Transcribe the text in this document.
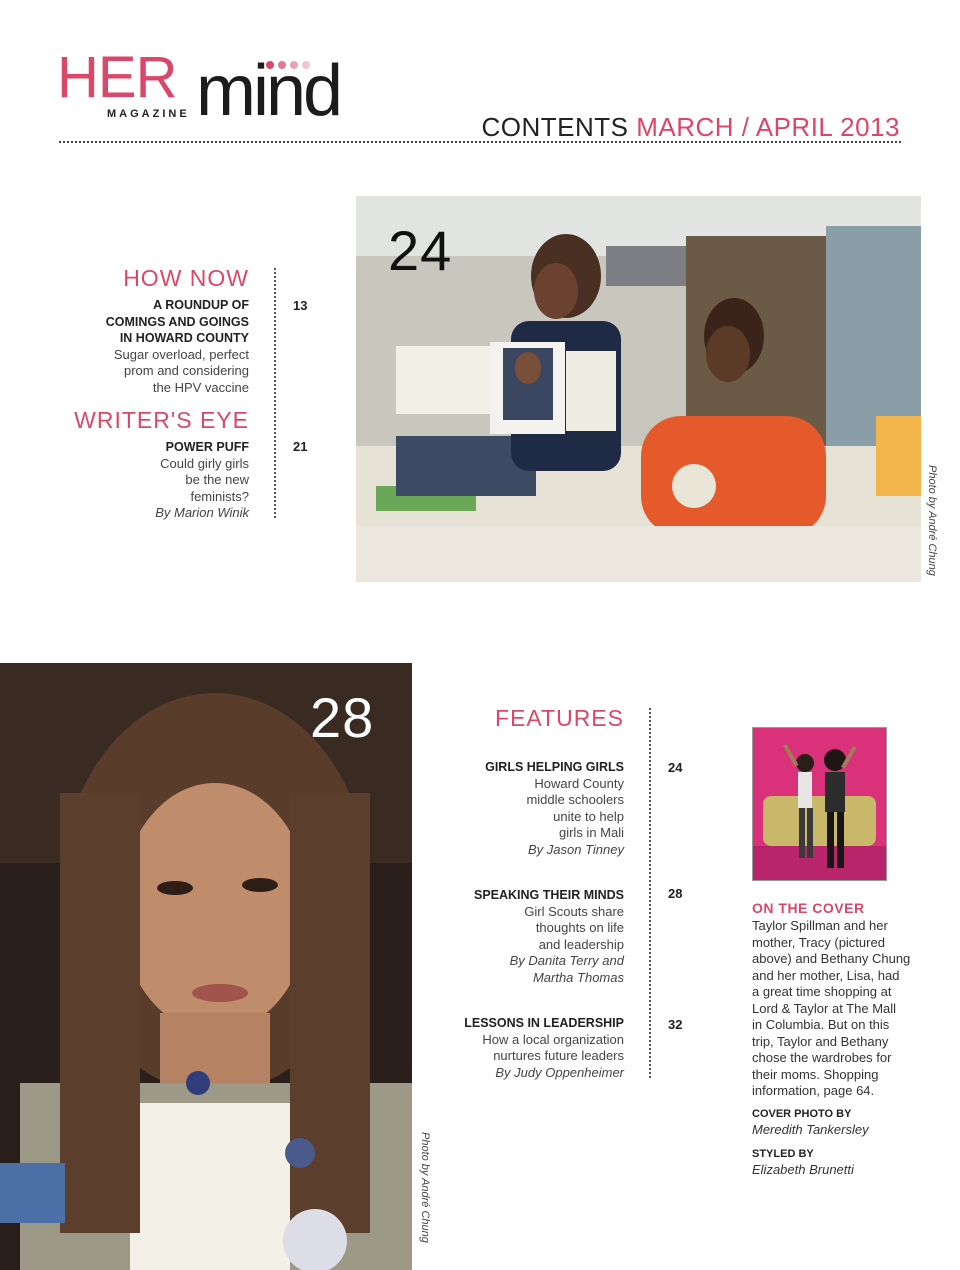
HER mind
MAGAZINE	CONTENTS MARCH / APRIL 2013
HOW NOW
A ROUNDUP OF
COMINGS AND GOINGS
IN HOWARD COUNTY
Sugar overload, perfect
prom and considering
the HPV vaccine
13
WRITER'S EYE
POWER PUFF
Could girly girls
be the new
feminists?
By Marion Winik
21
24
Photo by André Chung
28
Photo by André Chung
FEATURES
GIRLS HELPING GIRLS
Howard County
middle schoolers
unite to help
girls in Mali
By Jason Tinney
24
SPEAKING THEIR MINDS
Girl Scouts share
thoughts on life
and leadership
By Danita Terry and
Martha Thomas
28
LESSONS IN LEADERSHIP
How a local organization
nurtures future leaders
By Judy Oppenheimer
32
ON THE COVER
Taylor Spillman and her
mother, Tracy (pictured
above) and Bethany Chung
and her mother, Lisa, had
a great time shopping at
Lord & Taylor at The Mall
in Columbia. But on this
trip, Taylor and Bethany
chose the wardrobes for
their moms. Shopping
information, page 64.
COVER PHOTO BY
Meredith Tankersley
STYLED BY
Elizabeth Brunetti
